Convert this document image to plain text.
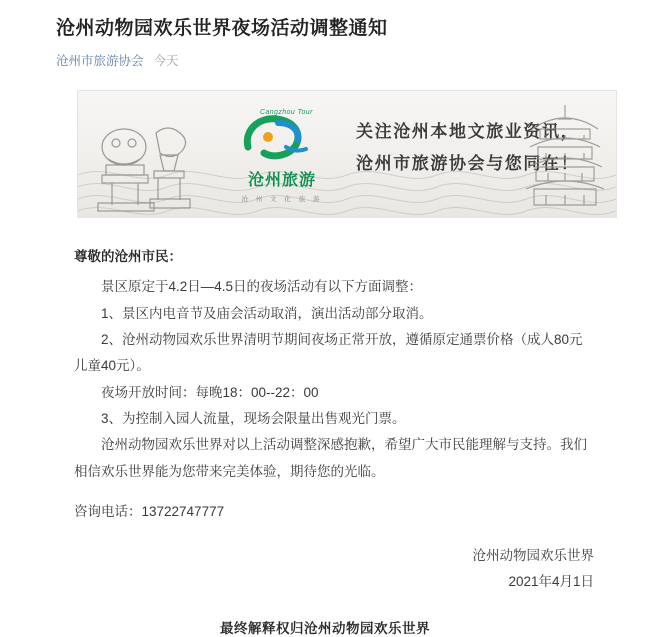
沧州动物园欢乐世界夜场活动调整通知
沧州市旅游协会 今天
Cangzhou Tour
沧州旅游
沧 州 文 化 旅 游
关注沧州本地文旅业资讯，
沧州市旅游协会与您同在！
尊敬的沧州市民：

景区原定于4.2日—4.5日的夜场活动有以下方面调整：

1、景区内电音节及庙会活动取消，演出活动部分取消。

2、沧州动物园欢乐世界清明节期间夜场正常开放，遵循原定通票价格（成人80元 儿童40元）。

夜场开放时间：每晚18：00--22：00

3、为控制入园人流量，现场会限量出售观光门票。

沧州动物园欢乐世界对以上活动调整深感抱歉，希望广大市民能理解与支持。我们相信欢乐世界能为您带来完美体验，期待您的光临。

咨询电话：13722747777

沧州动物园欢乐世界
2021年4月1日
最终解释权归沧州动物园欢乐世界
